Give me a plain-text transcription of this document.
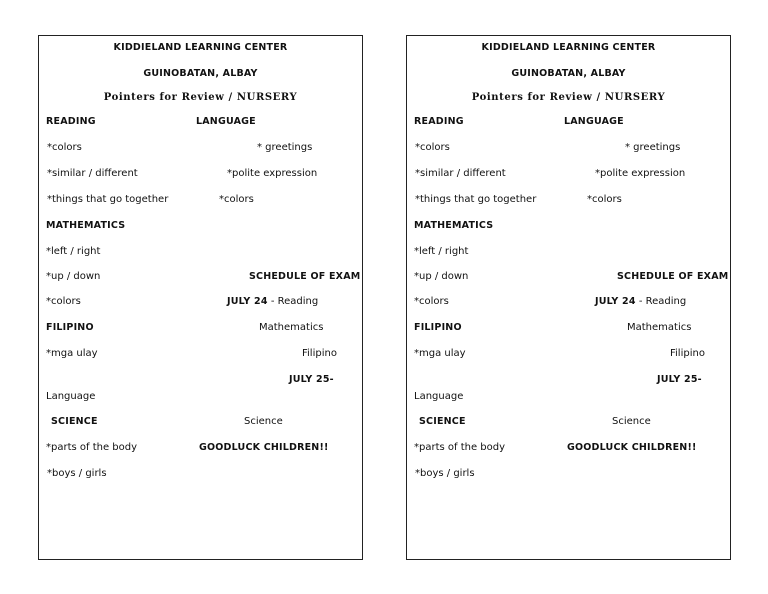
KIDDIELAND LEARNING CENTER
GUINOBATAN, ALBAY
Pointers for Review / NURSERY
READING	LANGUAGE
*colors	* greetings
*similar / different	*polite expression
*things that go together	*colors
MATHEMATICS
*left / right
*up / down	SCHEDULE OF EXAM
*colors	JULY 24 - Reading
FILIPINO	Mathematics
*mga ulay	Filipino
JULY 25-
Language
SCIENCE	Science
*parts of the body	GOODLUCK CHILDREN!!
*boys / girls
KIDDIELAND LEARNING CENTER
GUINOBATAN, ALBAY
Pointers for Review / NURSERY
READING	LANGUAGE
*colors	* greetings
*similar / different	*polite expression
*things that go together	*colors
MATHEMATICS
*left / right
*up / down	SCHEDULE OF EXAM
*colors	JULY 24 - Reading
FILIPINO	Mathematics
*mga ulay	Filipino
JULY 25-
Language
SCIENCE	Science
*parts of the body	GOODLUCK CHILDREN!!
*boys / girls
